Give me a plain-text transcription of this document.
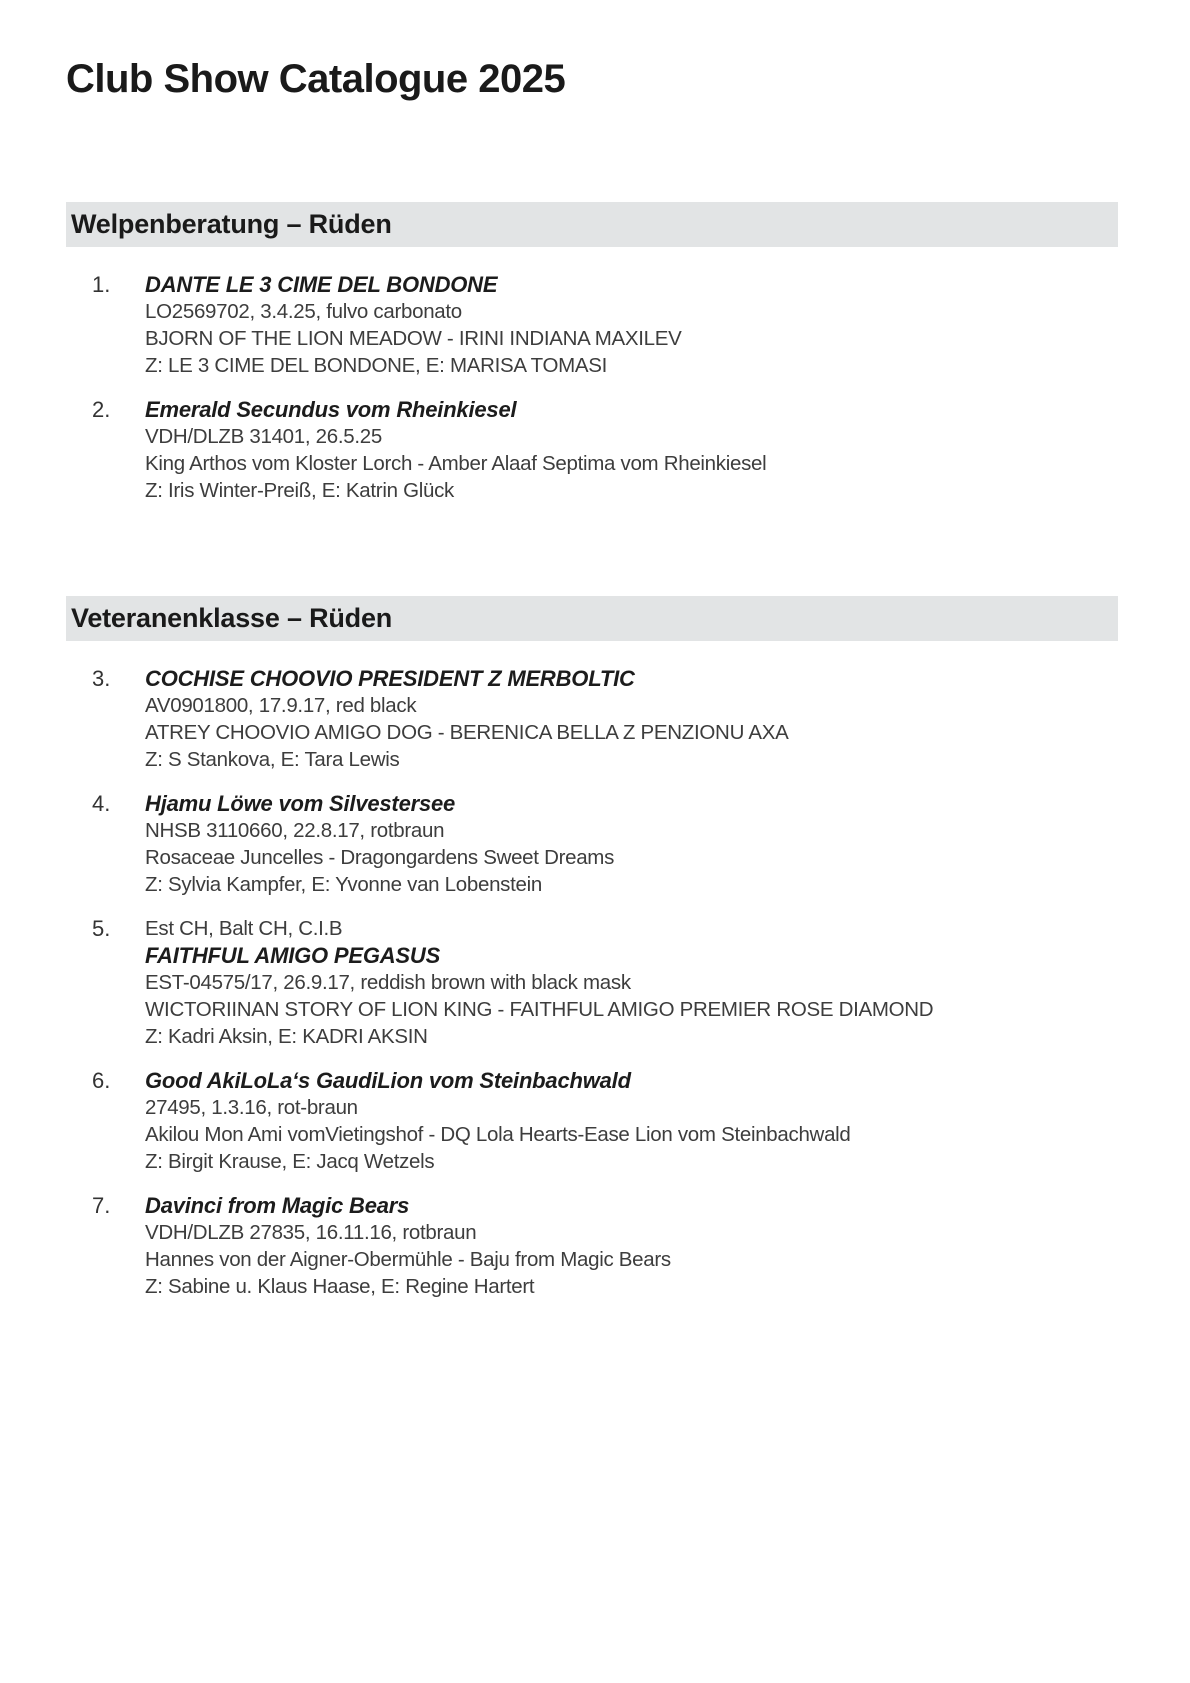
Club Show Catalogue 2025
Welpenberatung – Rüden
1.	DANTE LE 3 CIME DEL BONDONE
LO2569702, 3.4.25, fulvo carbonato
BJORN OF THE LION MEADOW - IRINI INDIANA MAXILEV
Z: LE 3 CIME DEL BONDONE, E: MARISA TOMASI
2.	Emerald Secundus vom Rheinkiesel
VDH/DLZB 31401, 26.5.25
King Arthos vom Kloster Lorch - Amber Alaaf Septima vom Rheinkiesel
Z: Iris Winter-Preiß, E: Katrin Glück
Veteranenklasse – Rüden
3.	COCHISE CHOOVIO PRESIDENT Z MERBOLTIC
AV0901800, 17.9.17, red black
ATREY CHOOVIO AMIGO DOG - BERENICA BELLA Z PENZIONU AXA
Z: S Stankova, E: Tara Lewis
4.	Hjamu Löwe vom Silvestersee
NHSB 3110660, 22.8.17, rotbraun
Rosaceae Juncelles - Dragongardens Sweet Dreams
Z: Sylvia Kampfer, E: Yvonne van Lobenstein
5.	Est CH, Balt CH, C.I.B
FAITHFUL AMIGO PEGASUS
EST-04575/17, 26.9.17, reddish brown with black mask
WICTORIINAN STORY OF LION KING - FAITHFUL AMIGO PREMIER ROSE DIAMOND
Z: Kadri Aksin, E: KADRI AKSIN
6.	Good AkiLoLa‘s GaudiLion vom Steinbachwald
27495, 1.3.16, rot-braun
Akilou Mon Ami vomVietingshof - DQ Lola Hearts-Ease Lion vom Steinbachwald
Z: Birgit Krause, E: Jacq Wetzels
7.	Davinci from Magic Bears
VDH/DLZB 27835, 16.11.16, rotbraun
Hannes von der Aigner-Obermühle - Baju from Magic Bears
Z: Sabine u. Klaus Haase, E: Regine Hartert
